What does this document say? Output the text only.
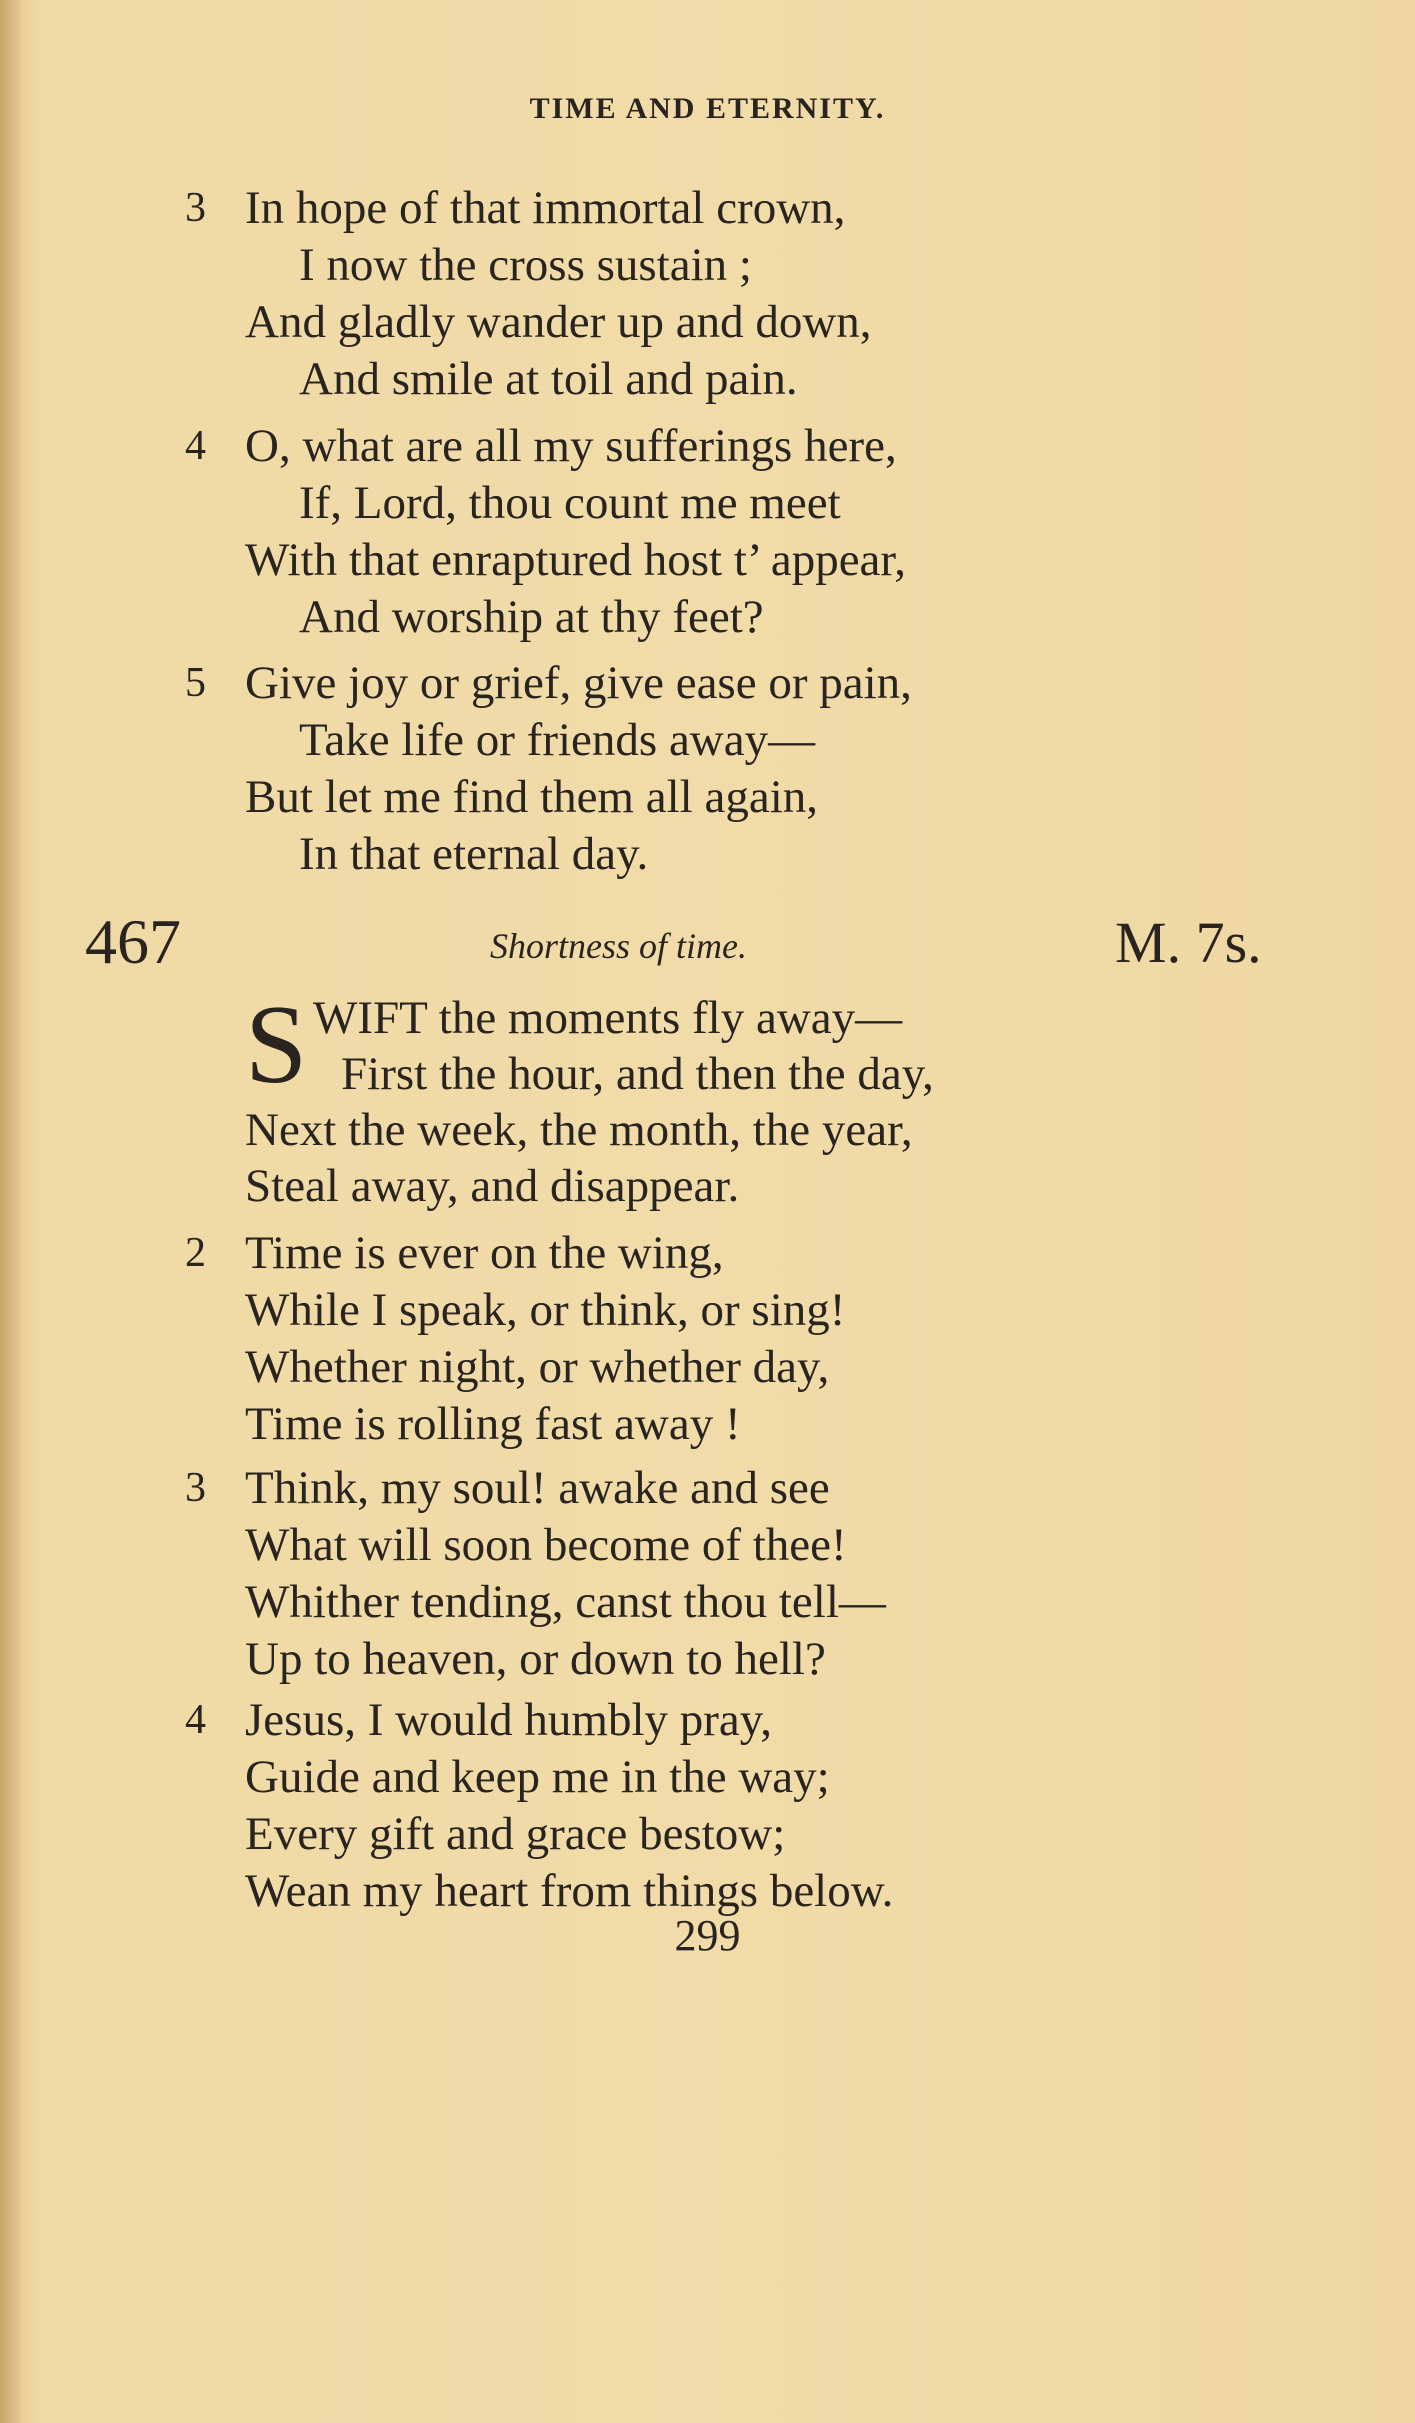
TIME AND ETERNITY.
3 In hope of that immortal crown,
I now the cross sustain ;
And gladly wander up and down,
And smile at toil and pain.
4 O, what are all my sufferings here,
If, Lord, thou count me meet
With that enraptured host t’ appear,
And worship at thy feet?
5 Give joy or grief, give ease or pain,
Take life or friends away—
But let me find them all again,
In that eternal day.
467	Shortness of time.	M. 7s.
S WIFT the moments fly away—
First the hour, and then the day,
Next the week, the month, the year,
Steal away, and disappear.
2 Time is ever on the wing,
While I speak, or think, or sing!
Whether night, or whether day,
Time is rolling fast away !
3 Think, my soul! awake and see
What will soon become of thee!
Whither tending, canst thou tell—
Up to heaven, or down to hell?
4 Jesus, I would humbly pray,
Guide and keep me in the way;
Every gift and grace bestow;
Wean my heart from things below.
299
